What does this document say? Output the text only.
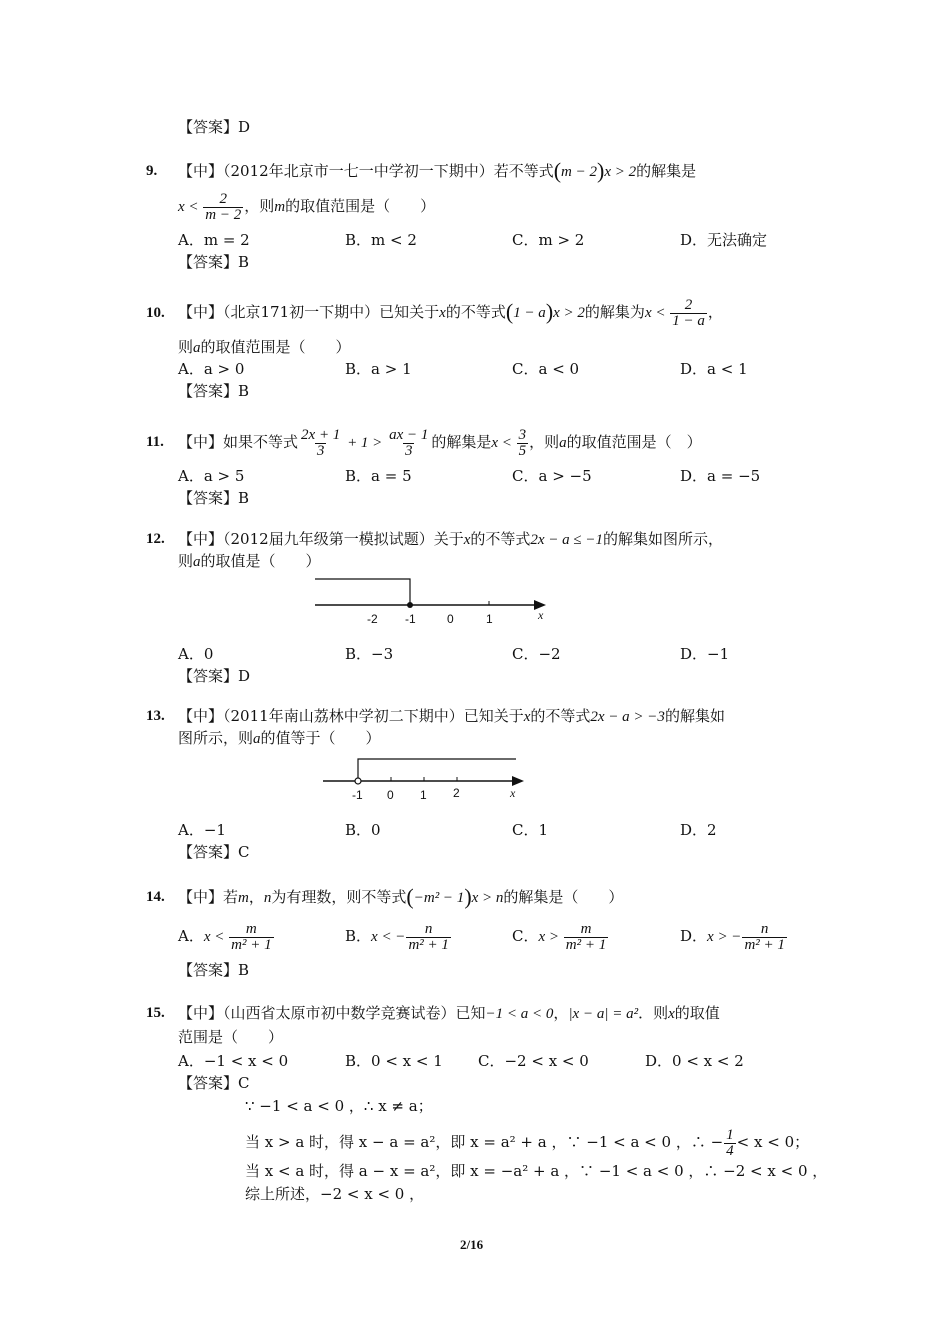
【答案】D
9. 【中】（2012年北京市一七一中学初一下期中）若不等式(m − 2)x > 2的解集是
$x < \frac{2}{m - 2}$ ，则m的取值范围是（　　）
A．m = 2	B．m < 2	C．m > 2	D．无法确定
【答案】B
10. 【中】（北京171初一下期中）已知关于x的不等式(1 − a)x > 2的解集为$x < \frac{2}{1 - a}$ ，
则a的取值范围是（　　）
A．a > 0	B．a > 1	C．a < 0	D．a < 1
【答案】B
11. 【中】如果不等式 $\frac{2x + 1}{3} + 1 > \frac{ax - 1}{3}$ 的解集是$x < \frac{3}{5}$ ，则a的取值范围是（　）
A．a > 5	B．a = 5	C．a > −5	D．a = −5
【答案】B
12. 【中】（2012届九年级第一模拟试题）关于x的不等式2x − a ≤ −1的解集如图所示，
则a的取值是（　　）
-2 -1	0	1	x
A．0	B．−3	C．−2	D．−1
【答案】D
13. 【中】（2011年南山荔林中学初二下期中）已知关于x的不等式2x − a > −3的解集如
图所示，则a的值等于（　　）
-1 0 1 2	x
A．−1	B．0	C．1	D．2
【答案】C
14. 【中】若m，n为有理数，则不等式(−m² − 1)x > n的解集是（　　）
A．$x < \frac{m}{\text{m² + 1}}$	B．x < − $\frac{n}{\text{m² + 1}}$	C．$x > \frac{m}{\text{m² + 1}}$	D．x > − $\frac{n}{\text{m² + 1}}$
【答案】B
15. 【中】（山西省太原市初中数学竞赛试卷）已知−1 < a < 0，|x − a| = a²．则x的取值
范围是（　　）
A．−1 < x < 0	B．0 < x < 1 C．−2 < x < 0	D．0 < x < 2
【答案】C
∵ −1 < a < 0 ，∴ x ≠ a；
当 x > a 时，得 x − a = a²，即 x = a² + a ，∵ −1 < a < 0 ，∴ − $\frac{1}{4} < x < 0$；
当 x < a 时，得 a − x = a²，即 x = −a² + a ，∵ −1 < a < 0 ，∴ −2 < x < 0 ，
综上所述，−2 < x < 0 ，
2/16
